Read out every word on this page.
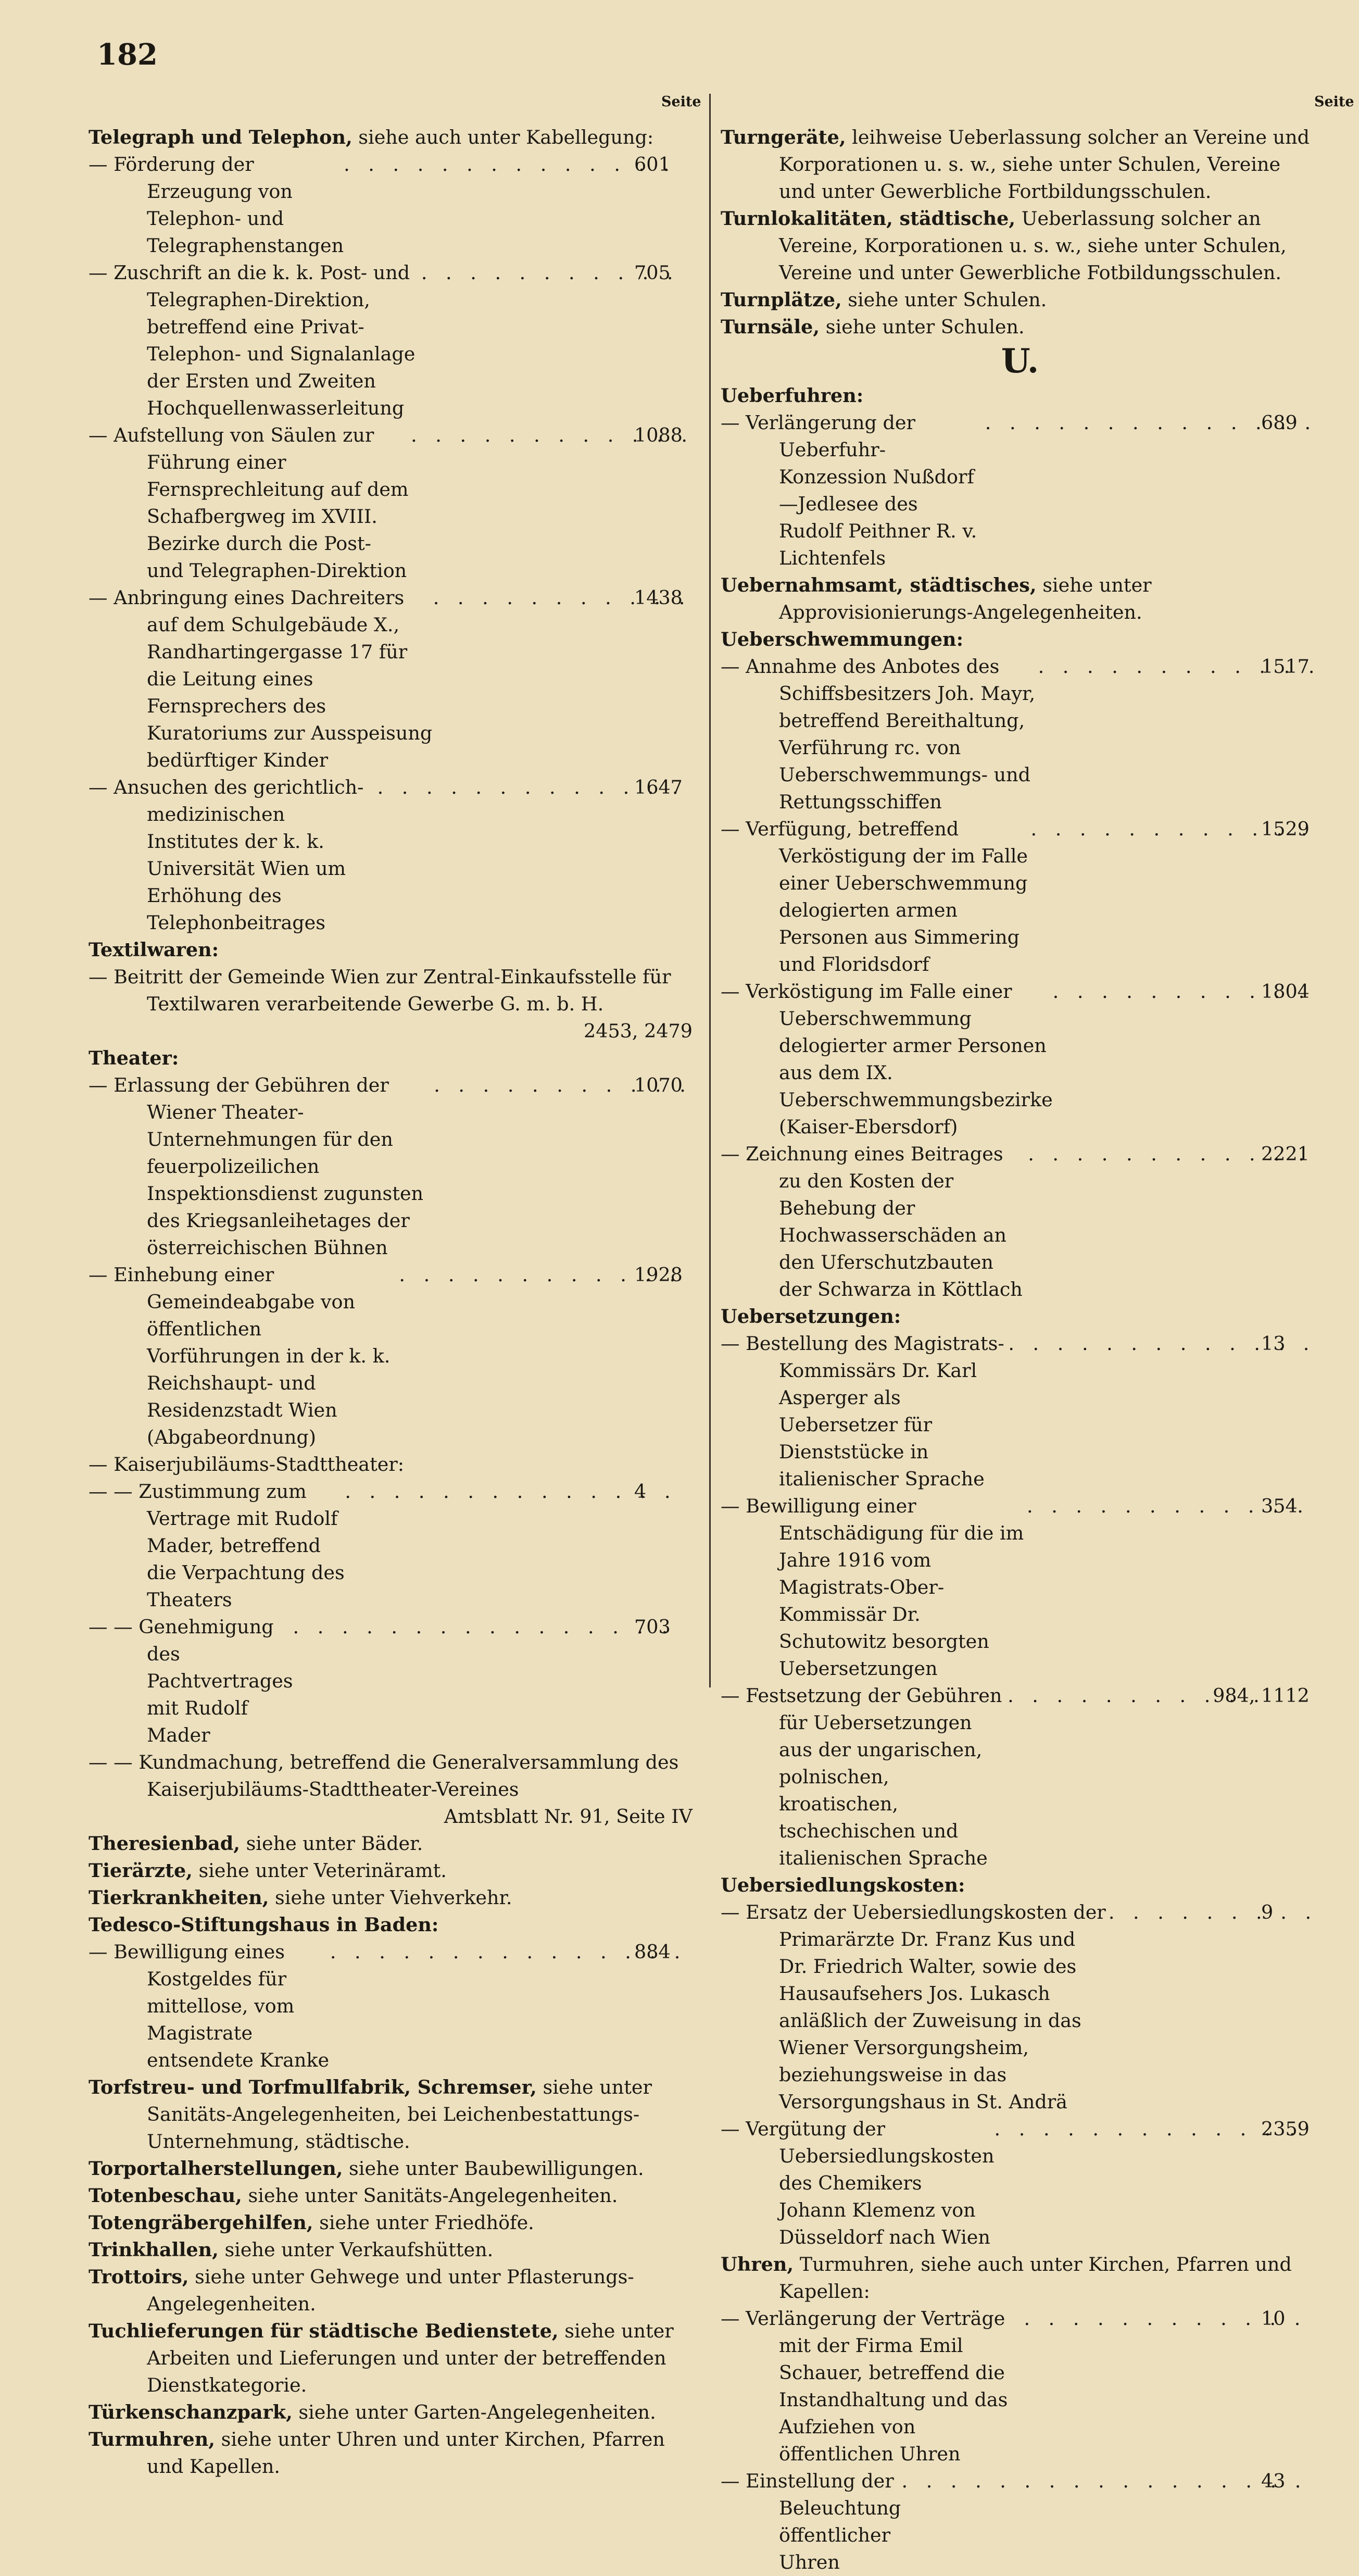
182
Seite	Seite

Telegraph und Telephon, siehe auch unter Kabellegung:

— Förderung der Erzeugung von Telephon- und Telegraphenstangen
. . .
601

— Zuschrift an die k. k. Post- und Telegraphen-Direktion, betreffend eine Privat-Telephon- und Signalanlage der Ersten und Zweiten Hochquellenwasserleitung
. . .
705

— Aufstellung von Säulen zur Führung einer Fernsprechleitung auf dem Schafbergweg im XVIII. Bezirke durch die Post- und Telegraphen-Direktion
. . .
1088

— Anbringung eines Dachreiters auf dem Schulgebäude X., Randhartingergasse 17 für die Leitung eines Fernsprechers des Kuratoriums zur Ausspeisung bedürftiger Kinder
. . .
1438

— Ansuchen des gerichtlich-medizinischen Institutes der k. k. Universität Wien um Erhöhung des Telephonbeitrages
. . .
1647

Textilwaren:

— Beitritt der Gemeinde Wien zur Zentral-Einkaufsstelle für Textilwaren verarbeitende Gewerbe G. m. b. H.

2453, 2479

Theater:

— Erlassung der Gebühren der Wiener Theater-Unternehmungen für den feuerpolizeilichen Inspektionsdienst zugunsten des Kriegsanleihetages der österreichischen Bühnen
. . .
1070

— Einhebung einer Gemeindeabgabe von öffentlichen Vorführungen in der k. k. Reichshaupt- und Residenzstadt Wien (Abgabeordnung)
. . .
1928

— Kaiserjubiläums-Stadttheater:

— — Zustimmung zum Vertrage mit Rudolf Mader, betreffend die Verpachtung des Theaters
. . .
4

— — Genehmigung des Pachtvertrages mit Rudolf Mader
. . .
703

— — Kundmachung, betreffend die Generalversammlung des Kaiserjubiläums-Stadttheater-Vereines

Amtsblatt Nr. 91, Seite IV

Theresienbad, siehe unter Bäder.

Tierärzte, siehe unter Veterinäramt.

Tierkrankheiten, siehe unter Viehverkehr.

Tedesco-Stiftungshaus in Baden:

— Bewilligung eines Kostgeldes für mittellose, vom Magistrate entsendete Kranke
. . .
884

Torfstreu- und Torfmullfabrik, Schremser, siehe unter Sanitäts-Angelegenheiten, bei Leichenbestattungs-Unternehmung, städtische.

Torportalherstellungen, siehe unter Baubewilligungen.

Totenbeschau, siehe unter Sanitäts-Angelegenheiten.

Totengräbergehilfen, siehe unter Friedhöfe.

Trinkhallen, siehe unter Verkaufshütten.

Trottoirs, siehe unter Gehwege und unter Pflasterungs-Angelegenheiten.

Tuchlieferungen für städtische Bedienstete, siehe unter Arbeiten und Lieferungen und unter der betreffenden Dienstkategorie.

Türkenschanzpark, siehe unter Garten-Angelegenheiten.

Turmuhren, siehe unter Uhren und unter Kirchen, Pfarren und Kapellen.

Turngeräte, leihweise Ueberlassung solcher an Vereine und Korporationen u. s. w., siehe unter Schulen, Vereine und unter Gewerbliche Fortbildungsschulen.

Turnlokalitäten, städtische, Ueberlassung solcher an Vereine, Korporationen u. s. w., siehe unter Schulen, Vereine und unter Gewerbliche Fotbildungsschulen.

Turnplätze, siehe unter Schulen.

Turnsäle, siehe unter Schulen.

U.

Ueberfuhren:

— Verlängerung der Ueberfuhr-Konzession Nußdorf—Jedlesee des Rudolf Peithner R. v. Lichtenfels
. . .
689

Uebernahmsamt, städtisches, siehe unter Approvisionierungs-Angelegenheiten.

Ueberschwemmungen:

— Annahme des Anbotes des Schiffsbesitzers Joh. Mayr, betreffend Bereithaltung, Verführung rc. von Ueberschwemmungs- und Rettungsschiffen
. . .
1517

— Verfügung, betreffend Verköstigung der im Falle einer Ueberschwemmung delogierten armen Personen aus Simmering und Floridsdorf
. . .
1529

— Verköstigung im Falle einer Ueberschwemmung delogierter armer Personen aus dem IX. Ueberschwemmungsbezirke (Kaiser-Ebersdorf)
. . .
1804

— Zeichnung eines Beitrages zu den Kosten der Behebung der Hochwasserschäden an den Uferschutzbauten der Schwarza in Köttlach
. . .
2221

Uebersetzungen:

— Bestellung des Magistrats-Kommissärs Dr. Karl Asperger als Uebersetzer für Dienststücke in italienischer Sprache
. . .
13

— Bewilligung einer Entschädigung für die im Jahre 1916 vom Magistrats-Ober-Kommissär Dr. Schutowitz besorgten Uebersetzungen
. . .
354

— Festsetzung der Gebühren für Uebersetzungen aus der ungarischen, polnischen, kroatischen, tschechischen und italienischen Sprache
. . .
984, 1112

Uebersiedlungskosten:

— Ersatz der Uebersiedlungskosten der Primarärzte Dr. Franz Kus und Dr. Friedrich Walter, sowie des Hausaufsehers Jos. Lukasch anläßlich der Zuweisung in das Wiener Versorgungsheim, beziehungsweise in das Versorgungshaus in St. Andrä
. . .
9

— Vergütung der Uebersiedlungskosten des Chemikers Johann Klemenz von Düsseldorf nach Wien
. . .
2359

Uhren, Turmuhren, siehe auch unter Kirchen, Pfarren und Kapellen:

— Verlängerung der Verträge mit der Firma Emil Schauer, betreffend die Instandhaltung und das Aufziehen von öffentlichen Uhren
. . .
10

— Einstellung der Beleuchtung öffentlicher Uhren
. . .
43
